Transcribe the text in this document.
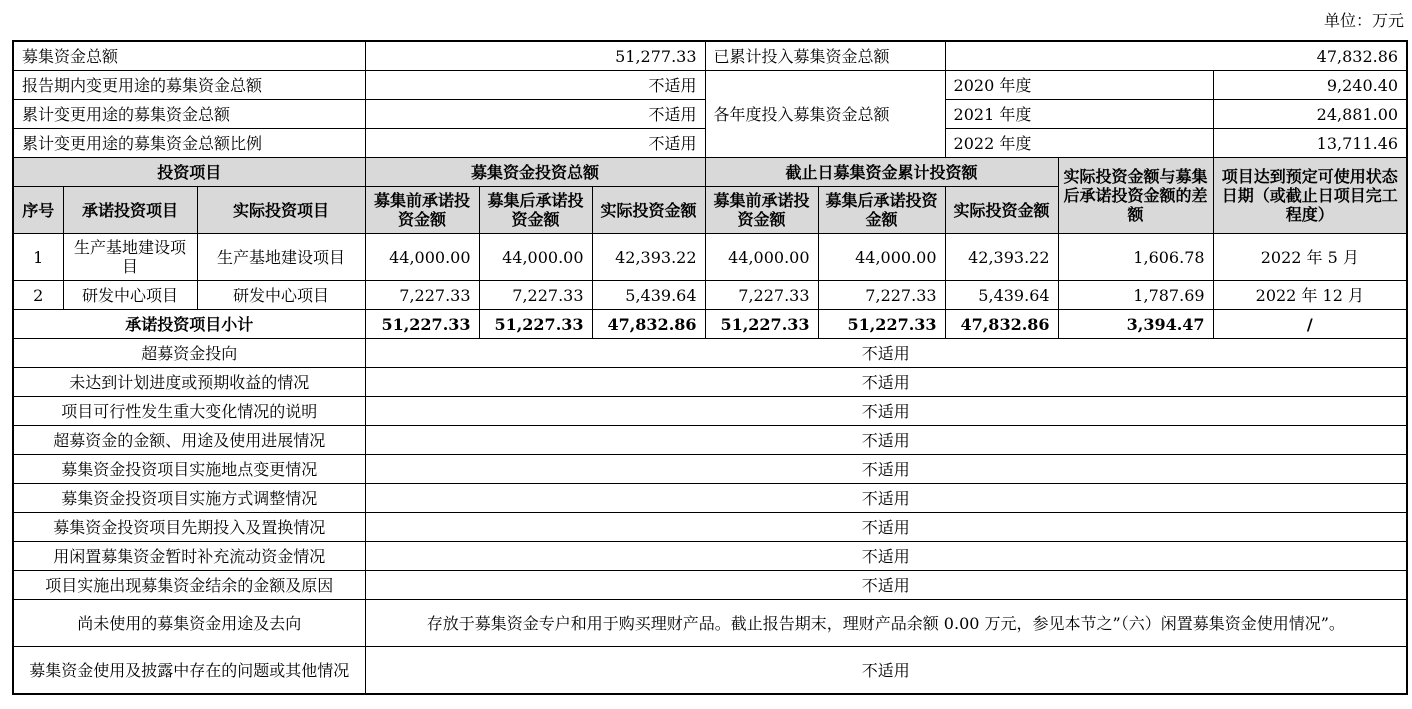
单位：万元
募集资金总额			51,277.33			已累计投入募集资金总额		47,832.86		
报告期内变更用途的募集资金总额			不适用			各年度投入募集资金总额		2020 年度		9,240.40
累计变更用途的募集资金总额			不适用					2021 年度		24,881.00
累计变更用途的募集资金总额比例			不适用					2022 年度		13,711.46
投资项目			募集资金投资总额			截止日募集资金累计投资额			实际投资金额与募集后承诺投资金额的差额	项目达到预定可使用状态日期（或截止日项目完工程度）
序号	承诺投资项目	实际投资项目	募集前承诺投资金额	募集后承诺投资金额	实际投资金额	募集前承诺投资金额	募集后承诺投资金额	实际投资金额		
1	生产基地建设项目	生产基地建设项目	44,000.00	44,000.00	42,393.22	44,000.00	44,000.00	42,393.22	1,606.78	2022 年 5 月
2	研发中心项目	研发中心项目	7,227.33	7,227.33	5,439.64	7,227.33	7,227.33	5,439.64	1,787.69	2022 年 12 月
承诺投资项目小计			51,227.33	51,227.33	47,832.86	51,227.33	51,227.33	47,832.86	3,394.47	/
超募资金投向			不适用							
未达到计划进度或预期收益的情况			不适用							
项目可行性发生重大变化情况的说明			不适用							
超募资金的金额、用途及使用进展情况			不适用							
募集资金投资项目实施地点变更情况			不适用							
募集资金投资项目实施方式调整情况			不适用							
募集资金投资项目先期投入及置换情况			不适用							
用闲置募集资金暂时补充流动资金情况			不适用							
项目实施出现募集资金结余的金额及原因			不适用							
尚未使用的募集资金用途及去向			存放于募集资金专户和用于购买理财产品。截止报告期末，理财产品余额 0.00 万元，参见本节之”（六）闲置募集资金使用情况”。							
募集资金使用及披露中存在的问题或其他情况			不适用							
